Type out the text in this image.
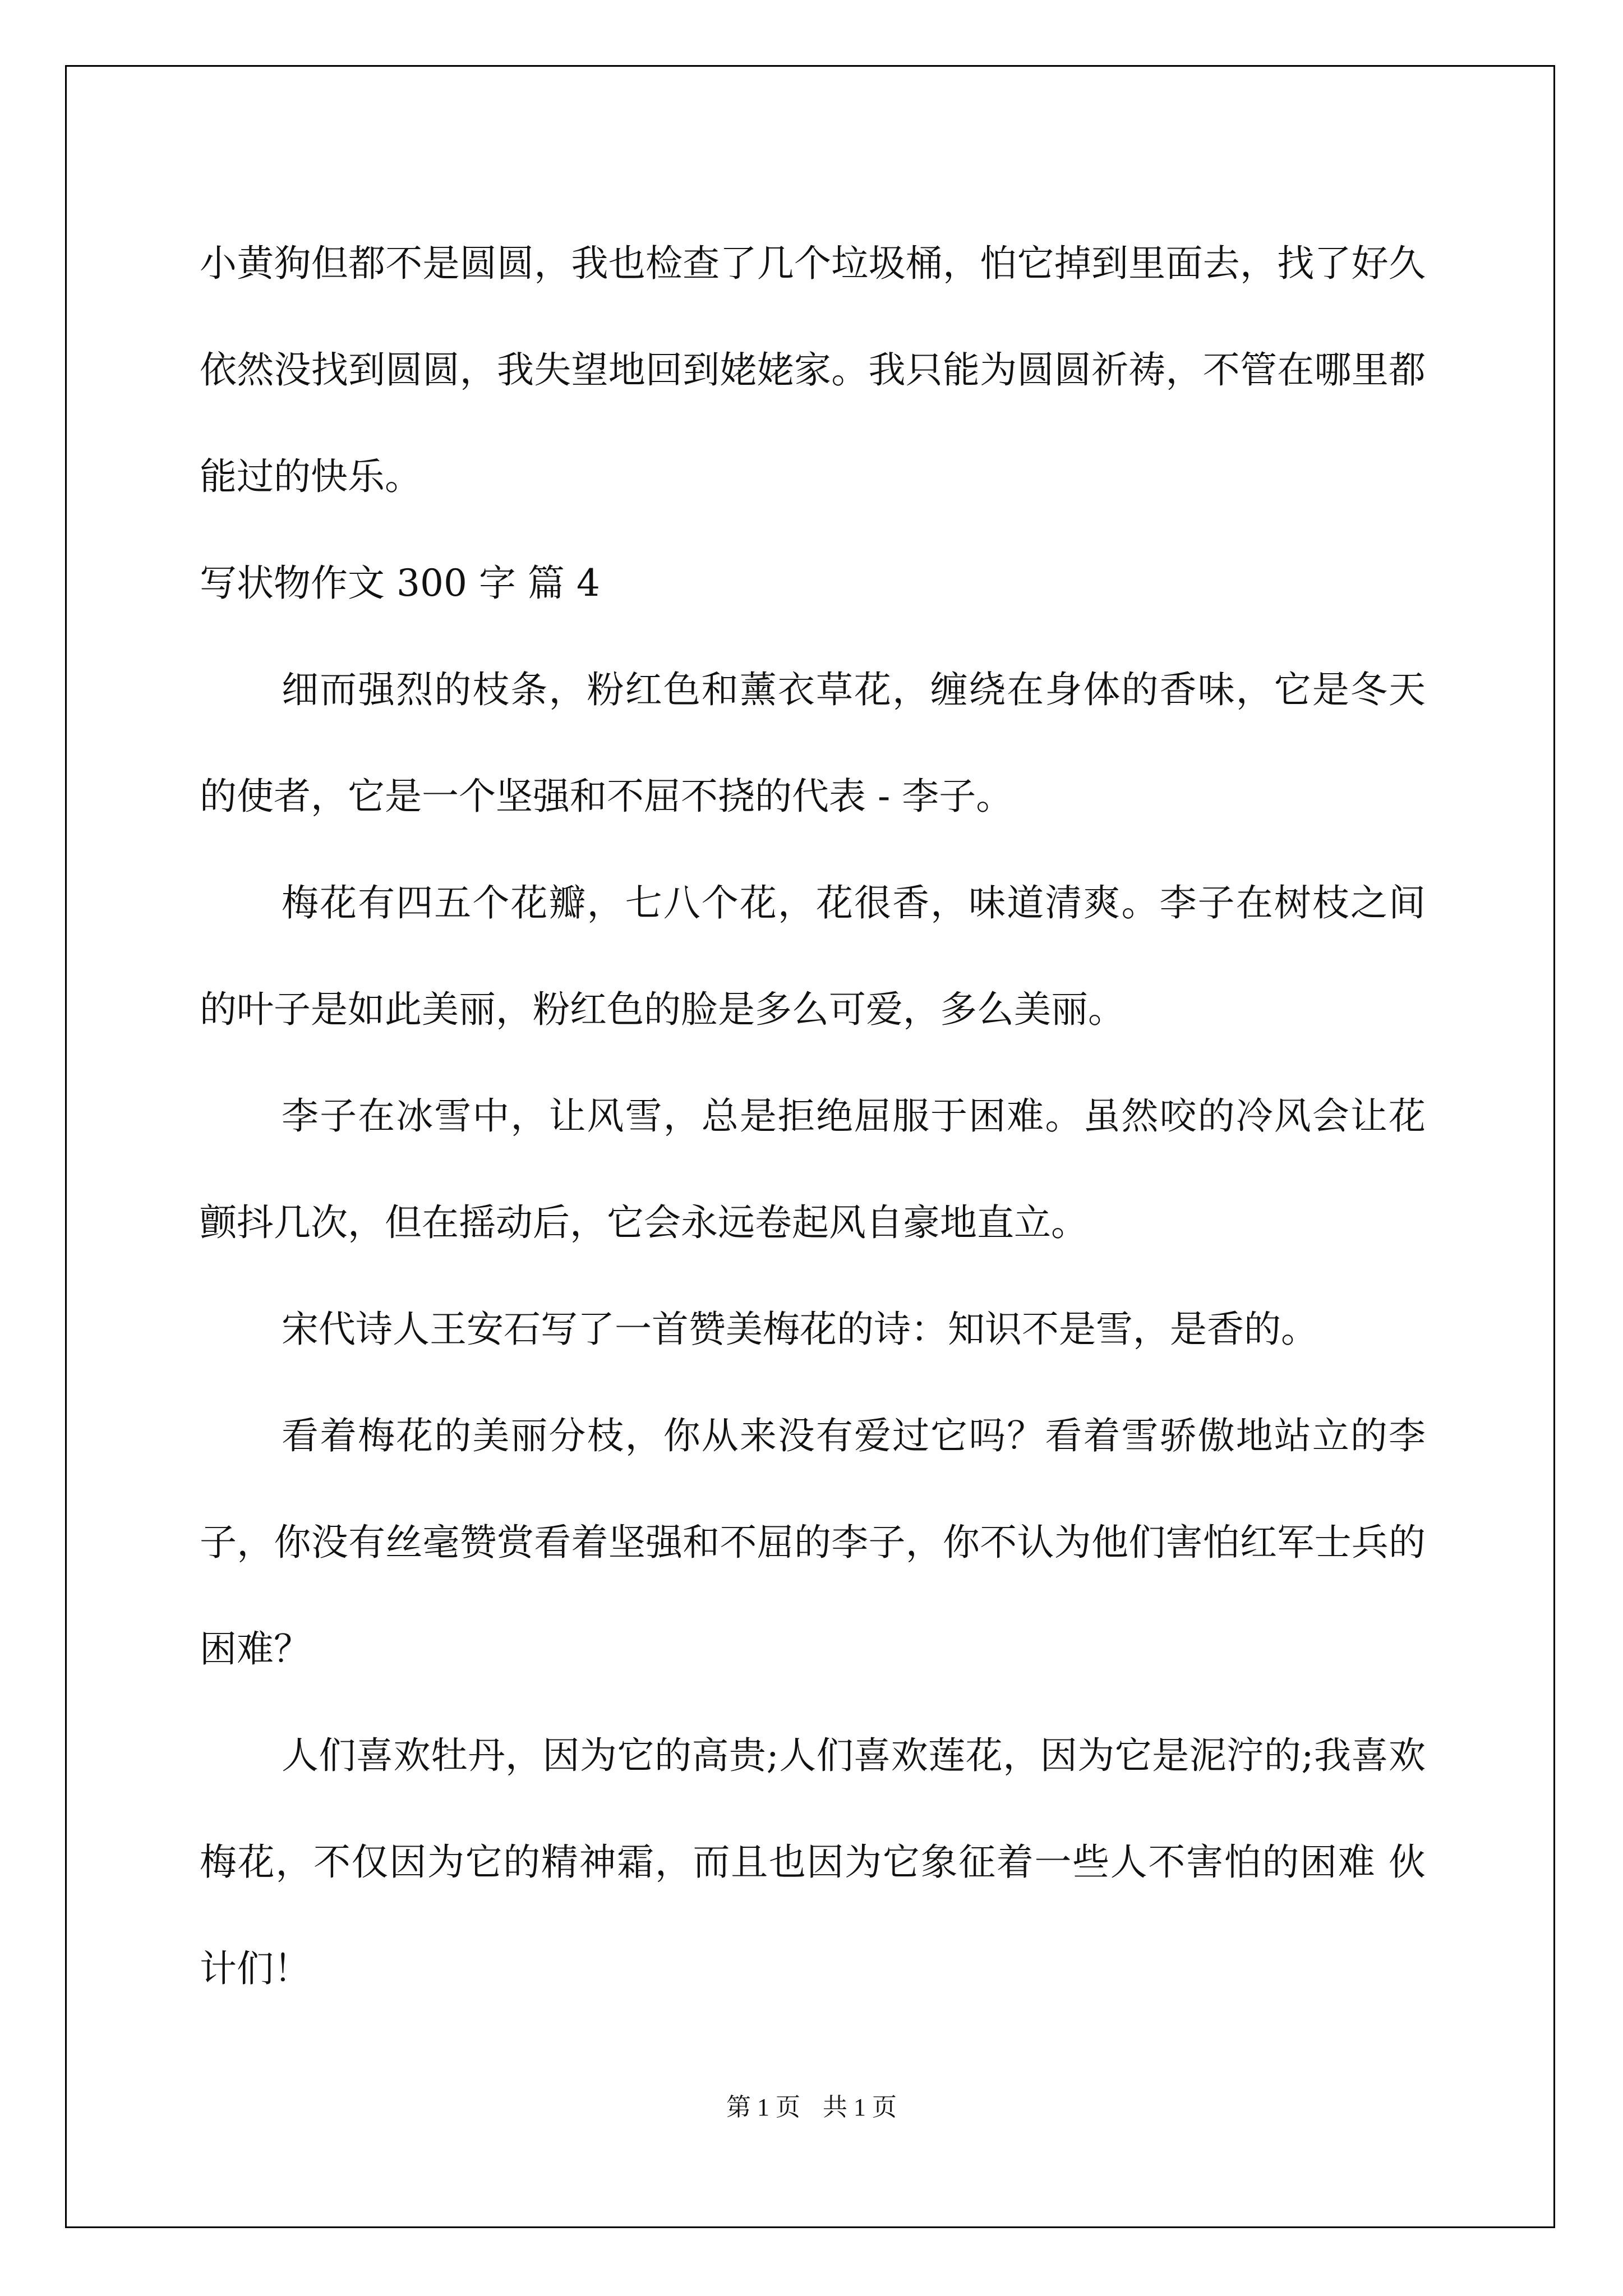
小黄狗但都不是圆圆，我也检查了几个垃圾桶，怕它掉到里面去，找了好久依然没找到圆圆，我失望地回到姥姥家。我只能为圆圆祈祷，不管在哪里都能过的快乐。

写状物作文 300 字 篇 4

细而强烈的枝条，粉红色和薰衣草花，缠绕在身体的香味，它是冬天的使者，它是一个坚强和不屈不挠的代表 - 李子。

梅花有四五个花瓣，七八个花，花很香，味道清爽。李子在树枝之间的叶子是如此美丽，粉红色的脸是多么可爱，多么美丽。

李子在冰雪中，让风雪，总是拒绝屈服于困难。虽然咬的冷风会让花颤抖几次，但在摇动后，它会永远卷起风自豪地直立。

宋代诗人王安石写了一首赞美梅花的诗：知识不是雪，是香的。

看着梅花的美丽分枝，你从来没有爱过它吗？看着雪骄傲地站立的李子，你没有丝毫赞赏看着坚强和不屈的李子，你不认为他们害怕红军士兵的困难？

人们喜欢牡丹，因为它的高贵;人们喜欢莲花，因为它是泥泞的;我喜欢梅花，不仅因为它的精神霜，而且也因为它象征着一些人不害怕的困难 伙计们！

第 1 页 共 1 页
